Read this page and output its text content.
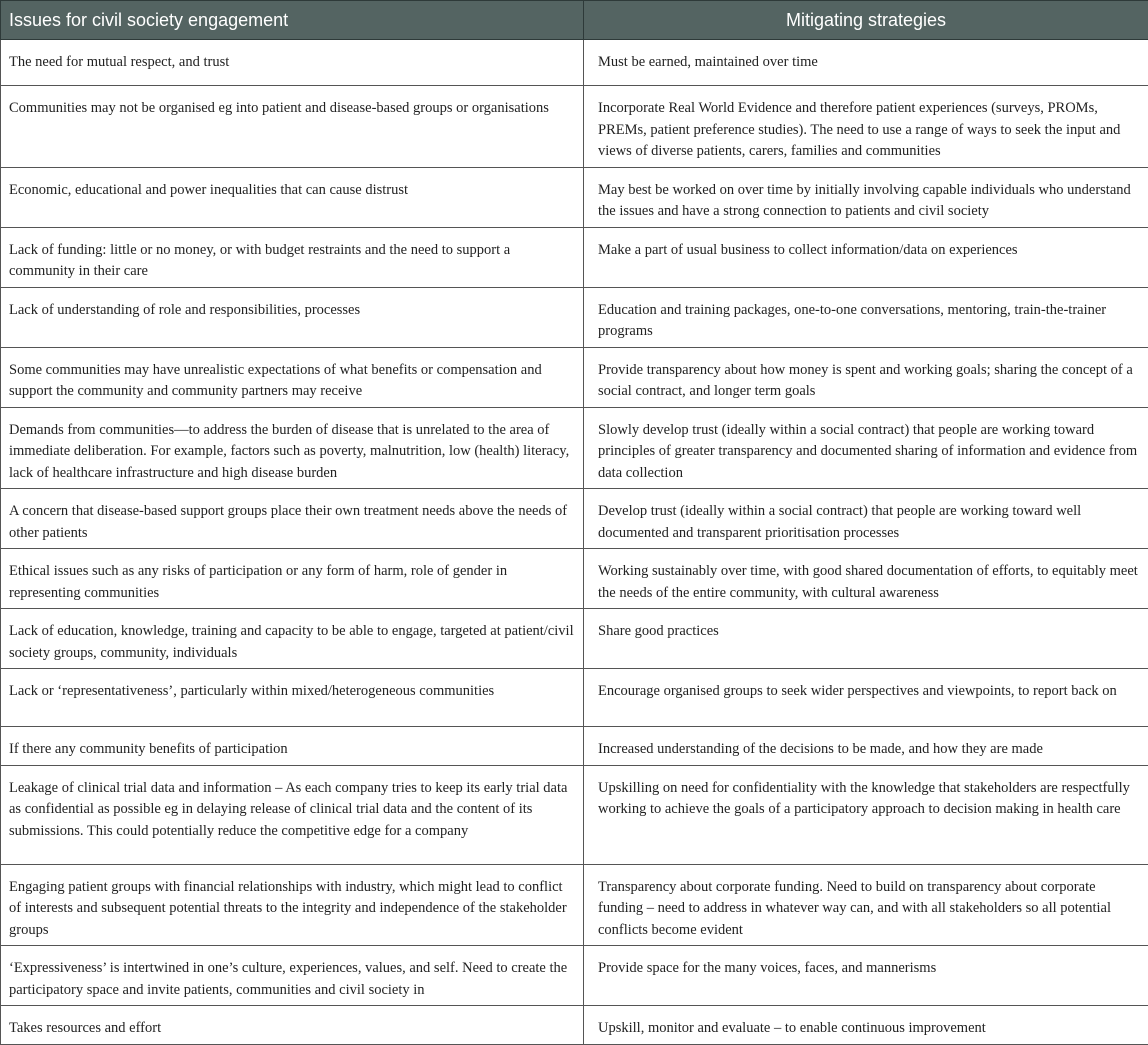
Issues for civil society engagement	Mitigating strategies
The need for mutual respect, and trust	Must be earned, maintained over time
Communities may not be organised eg into patient and disease-based groups or organisations	Incorporate Real World Evidence and therefore patient experiences (surveys, PROMs, PREMs, patient preference studies). The need to use a range of ways to seek the input and views of diverse patients, carers, families and communities
Economic, educational and power inequalities that can cause distrust	May best be worked on over time by initially involving capable individuals who understand the issues and have a strong connection to patients and civil society
Lack of funding: little or no money, or with budget restraints and the need to support a community in their care	Make a part of usual business to collect information/data on experiences
Lack of understanding of role and responsibilities, processes	Education and training packages, one-to-one conversations, mentoring, train-the-trainer programs
Some communities may have unrealistic expectations of what benefits or compensation and support the community and community partners may receive	Provide transparency about how money is spent and working goals; sharing the concept of a social contract, and longer term goals
Demands from communities—to address the burden of disease that is unrelated to the area of immediate deliberation. For example, factors such as poverty, malnutrition, low (health) literacy, lack of healthcare infrastructure and high disease burden	Slowly develop trust (ideally within a social contract) that people are working toward principles of greater transparency and documented sharing of information and evidence from data collection
A concern that disease-based support groups place their own treatment needs above the needs of other patients	Develop trust (ideally within a social contract) that people are working toward well documented and transparent prioritisation processes
Ethical issues such as any risks of participation or any form of harm, role of gender in representing communities	Working sustainably over time, with good shared documentation of efforts, to equitably meet the needs of the entire community, with cultural awareness
Lack of education, knowledge, training and capacity to be able to engage, targeted at patient/civil society groups, community, individuals	Share good practices
Lack or ‘representativeness’, particularly within mixed/heterogeneous communities	Encourage organised groups to seek wider perspectives and viewpoints, to report back on
If there any community benefits of participation	Increased understanding of the decisions to be made, and how they are made
Leakage of clinical trial data and information – As each company tries to keep its early trial data as confidential as possible eg in delaying release of clinical trial data and the content of its submissions. This could potentially reduce the competitive edge for a company	Upskilling on need for confidentiality with the knowledge that stakeholders are respectfully working to achieve the goals of a participatory approach to decision making in health care
Engaging patient groups with financial relationships with industry, which might lead to conflict of interests and subsequent potential threats to the integrity and independence of the stakeholder groups	Transparency about corporate funding. Need to build on transparency about corporate funding – need to address in whatever way can, and with all stakeholders so all potential conflicts become evident
‘Expressiveness’ is intertwined in one’s culture, experiences, values, and self. Need to create the participatory space and invite patients, communities and civil society in	Provide space for the many voices, faces, and mannerisms
Takes resources and effort	Upskill, monitor and evaluate – to enable continuous improvement
